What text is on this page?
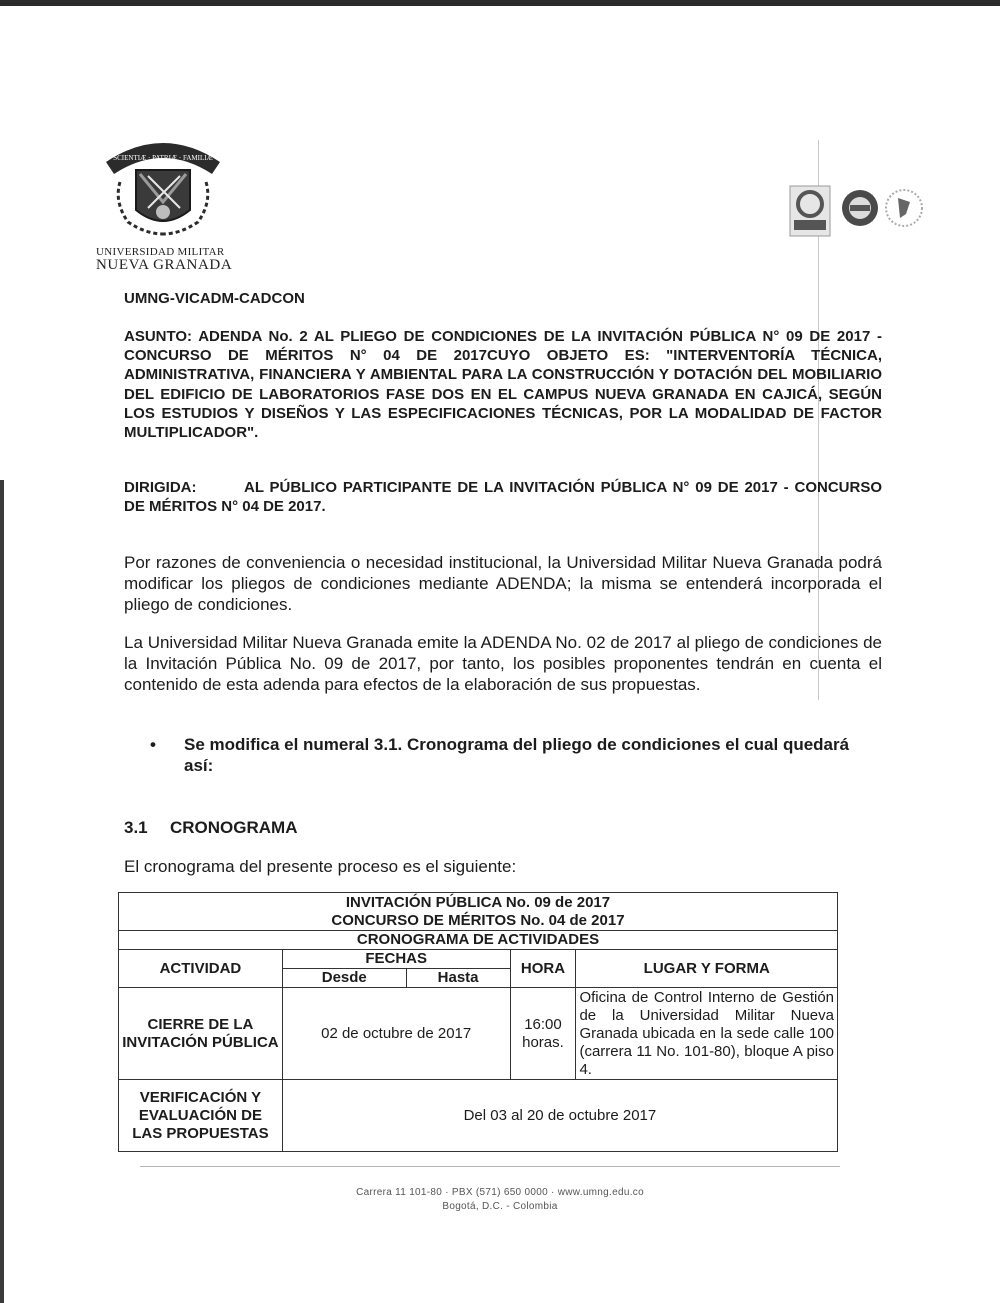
SCIENTIÆ · PATRIÆ · FAMILIÆ
UNIVERSIDAD MILITAR
NUEVA GRANADA
UMNG-VICADM-CADCON
ASUNTO: ADENDA No. 2 AL PLIEGO DE CONDICIONES DE LA INVITACIÓN PÚBLICA N° 09 DE 2017 - CONCURSO DE MÉRITOS N° 04 DE 2017CUYO OBJETO ES: "INTERVENTORÍA TÉCNICA, ADMINISTRATIVA, FINANCIERA Y AMBIENTAL PARA LA CONSTRUCCIÓN Y DOTACIÓN DEL MOBILIARIO DEL EDIFICIO DE LABORATORIOS FASE DOS EN EL CAMPUS NUEVA GRANADA EN CAJICÁ, SEGÚN LOS ESTUDIOS Y DISEÑOS Y LAS ESPECIFICACIONES TÉCNICAS, POR LA MODALIDAD DE FACTOR MULTIPLICADOR".
DIRIGIDA:	AL PÚBLICO PARTICIPANTE DE LA INVITACIÓN PÚBLICA N° 09 DE 2017 - CONCURSO DE MÉRITOS N° 04 DE 2017.
Por razones de conveniencia o necesidad institucional, la Universidad Militar Nueva Granada podrá modificar los pliegos de condiciones mediante ADENDA; la misma se entenderá incorporada el pliego de condiciones.
La Universidad Militar Nueva Granada emite la ADENDA No. 02 de 2017 al pliego de condiciones de la Invitación Pública No. 09 de 2017, por tanto, los posibles proponentes tendrán en cuenta el contenido de esta adenda para efectos de la elaboración de sus propuestas.
• Se modifica el numeral 3.1. Cronograma del pliego de condiciones el cual quedará así:
3.1 CRONOGRAMA
El cronograma del presente proceso es el siguiente:
INVITACIÓN PÚBLICA No. 09 de 2017
CONCURSO DE MÉRITOS No. 04 de 2017				

CRONOGRAMA DE ACTIVIDADES				
ACTIVIDAD	FECHAS		HORA	LUGAR Y FORMA
	Desde	Hasta		
CIERRE DE LA INVITACIÓN PÚBLICA	02 de octubre de 2017		16:00 horas.	Oficina de Control Interno de Gestión de la Universidad Militar Nueva Granada ubicada en la sede calle 100 (carrera 11 No. 101-80), bloque A piso 4.
VERIFICACIÓN Y EVALUACIÓN DE LAS PROPUESTAS	Del 03 al 20 de octubre 2017			
Carrera 11 101-80 · PBX (571) 650 0000 · www.umng.edu.co
Bogotá, D.C. - Colombia
